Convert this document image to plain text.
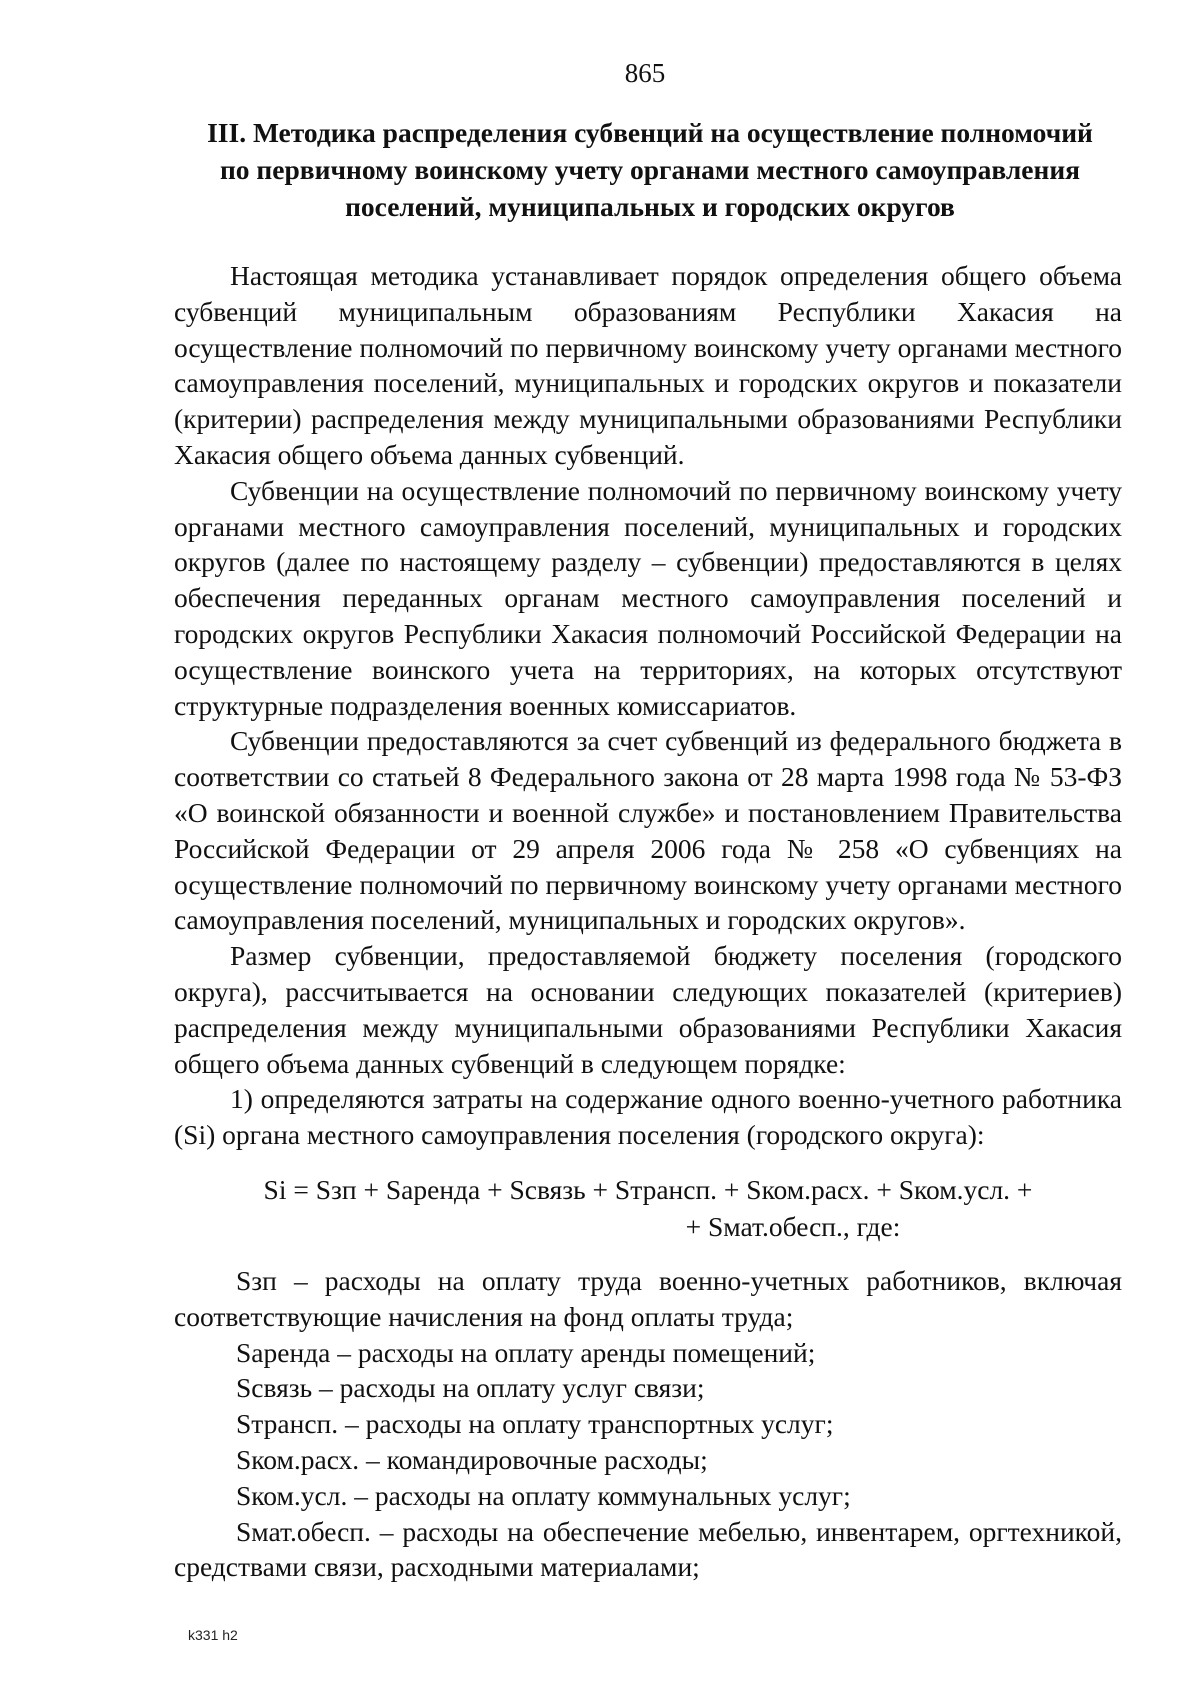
865
III. Методика распределения субвенций на осуществление полномочий
по первичному воинскому учету органами местного самоуправления
поселений, муниципальных и городских округов

Настоящая методика устанавливает порядок определения общего объема субвенций муниципальным образованиям Республики Хакасия на осуществление полномочий по первичному воинскому учету органами местного самоуправления поселений, муниципальных и городских округов и показатели (критерии) распределения между муниципальными образованиями Республики Хакасия общего объема данных субвенций.

Субвенции на осуществление полномочий по первичному воинскому учету органами местного самоуправления поселений, муниципальных и городских округов (далее по настоящему разделу – субвенции) предоставляются в целях обеспечения переданных органам местного самоуправления поселений и городских округов Республики Хакасия полномочий Российской Федерации на осуществление воинского учета на территориях, на которых отсутствуют структурные подразделения военных комиссариатов.

Субвенции предоставляются за счет субвенций из федерального бюджета в соответствии со статьей 8 Федерального закона от 28 марта 1998 года № 53-ФЗ «О воинской обязанности и военной службе» и постановлением Правительства Российской Федерации от 29 апреля 2006 года № 258 «О субвенциях на осуществление полномочий по первичному воинскому учету органами местного самоуправления поселений, муниципальных и городских округов».

Размер субвенции, предоставляемой бюджету поселения (городского округа), рассчитывается на основании следующих показателей (критериев) распределения между муниципальными образованиями Республики Хакасия общего объема данных субвенций в следующем порядке:

1) определяются затраты на содержание одного военно-учетного работника (Si) органа местного самоуправления поселения (городского округа):

Si = Sзп + Sаренда + Sсвязь + Sтрансп. + Sком.расх. + Sком.усл. +
+ Sмат.обесп., где:

Sзп – расходы на оплату труда военно-учетных работников, включая соответствующие начисления на фонд оплаты труда;

Sаренда – расходы на оплату аренды помещений;

Sсвязь – расходы на оплату услуг связи;

Sтрансп. – расходы на оплату транспортных услуг;

Sком.расх. – командировочные расходы;

Sком.усл. – расходы на оплату коммунальных услуг;

Sмат.обесп. – расходы на обеспечение мебелью, инвентарем, оргтехникой, средствами связи, расходными материалами;

k331 h2
